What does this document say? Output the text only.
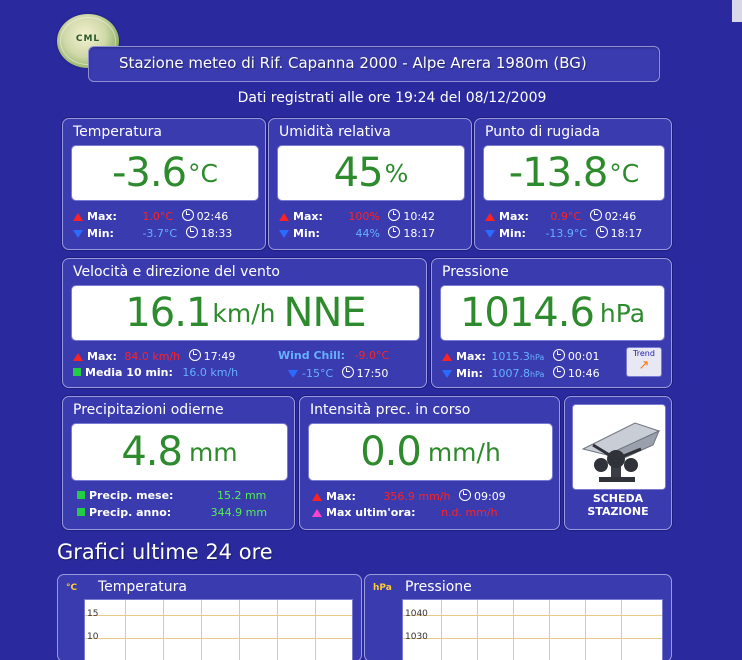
CML
Stazione meteo di Rif. Capanna 2000 - Alpe Arera 1980m (BG)
Dati registrati alle ore 19:24 del 08/12/2009
Temperatura
-3.6 °C
Max: 1.0°C 02:46
Min:	-3.7°C 18:33
Umidità relativa
45 %
Max: 100% 10:42
Min:	44% 18:17
Punto di rugiada
-13.8 °C
Max: 0.9°C 02:46
Min: -13.9°C 18:17
Velocità e direzione del vento
16.1 km/h NNE
Max: 84.0 km/h 17:49
Media 10 min: 16.0 km/h
Wind Chill: -9.0°C
-15°C 17:50
Pressione
1014.6 hPa
Max: 1015.3hPa 00:01
Min: 1007.8hPa 10:46
Trend
↗
Precipitazioni odierne
4.8 mm
Precip. mese:	15.2 mm
Precip. anno:	344.9 mm
Intensità prec. in corso
0.0 mm/h
Max:	356.9 mm/h 09:09
Max ultim'ora: n.d. mm/h
SCHEDA
STAZIONE
Grafici ultime 24 ore
°C Temperatura
15
10
hPa Pressione
1040
1030
